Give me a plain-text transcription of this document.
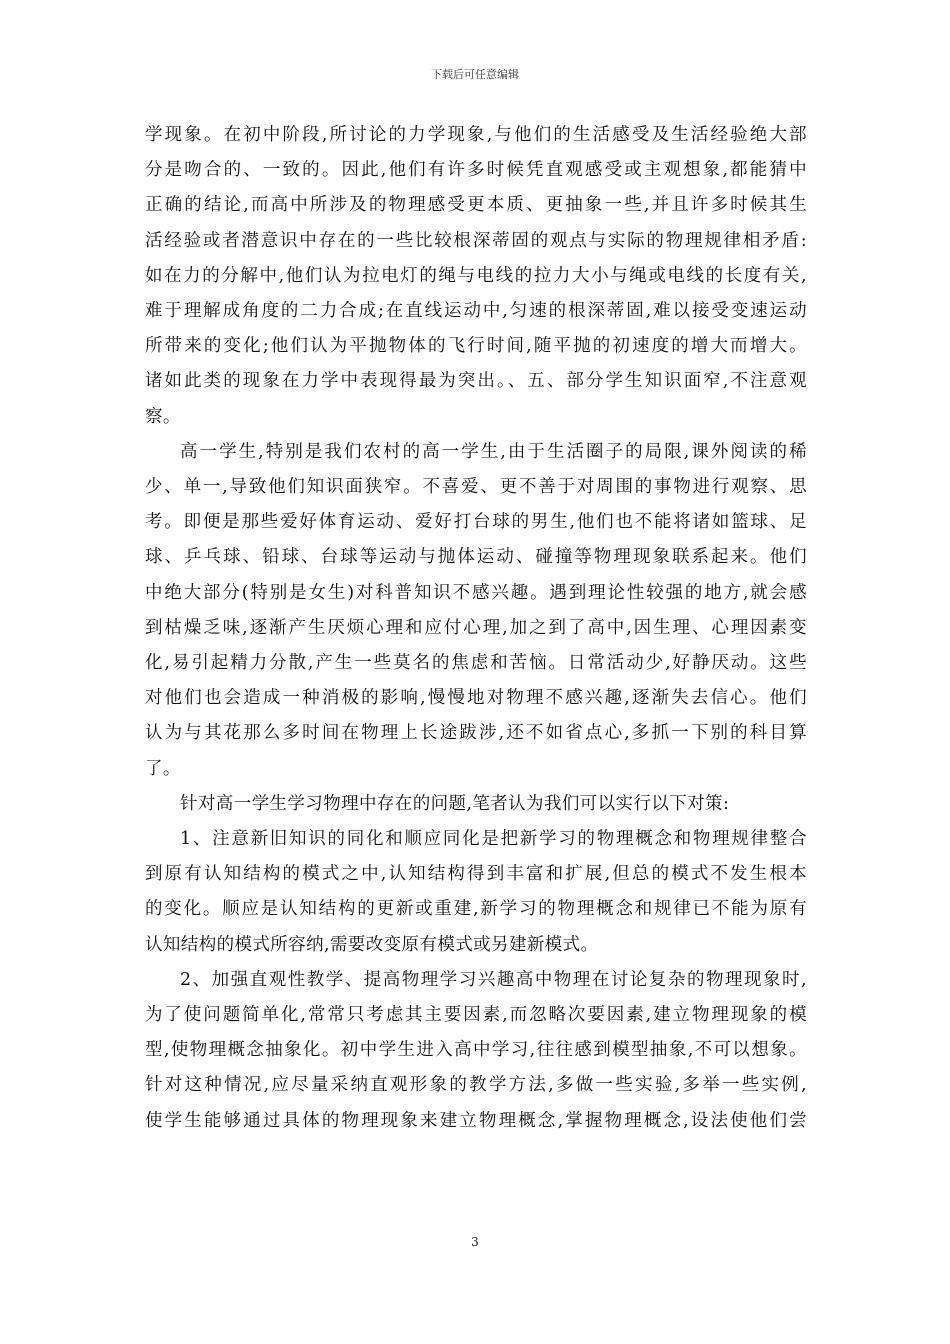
下载后可任意编辑

学现象。在初中阶段,所讨论的力学现象,与他们的生活感受及生活经验绝大部
分是吻合的、一致的。因此,他们有许多时候凭直观感受或主观想象,都能猜中
正确的结论,而高中所涉及的物理感受更本质、更抽象一些,并且许多时候其生
活经验或者潜意识中存在的一些比较根深蒂固的观点与实际的物理规律相矛盾:
如在力的分解中,他们认为拉电灯的绳与电线的拉力大小与绳或电线的长度有关,
难于理解成角度的二力合成;在直线运动中,匀速的根深蒂固,难以接受变速运动
所带来的变化;他们认为平抛物体的飞行时间,随平抛的初速度的增大而增大。
诸如此类的现象在力学中表现得最为突出。、五、部分学生知识面窄,不注意观
察。

高一学生,特别是我们农村的高一学生,由于生活圈子的局限,课外阅读的稀
少、单一,导致他们知识面狭窄。不喜爱、更不善于对周围的事物进行观察、思
考。即便是那些爱好体育运动、爱好打台球的男生,他们也不能将诸如篮球、足
球、乒乓球、铅球、台球等运动与抛体运动、碰撞等物理现象联系起来。他们
中绝大部分(特别是女生)对科普知识不感兴趣。遇到理论性较强的地方,就会感
到枯燥乏味,逐渐产生厌烦心理和应付心理,加之到了高中,因生理、心理因素变
化,易引起精力分散,产生一些莫名的焦虑和苦恼。日常活动少,好静厌动。这些
对他们也会造成一种消极的影响,慢慢地对物理不感兴趣,逐渐失去信心。他们
认为与其花那么多时间在物理上长途跋涉,还不如省点心,多抓一下别的科目算
了。

针对高一学生学习物理中存在的问题,笔者认为我们可以实行以下对策:

1、注意新旧知识的同化和顺应同化是把新学习的物理概念和物理规律整合
到原有认知结构的模式之中,认知结构得到丰富和扩展,但总的模式不发生根本
的变化。顺应是认知结构的更新或重建,新学习的物理概念和规律已不能为原有
认知结构的模式所容纳,需要改变原有模式或另建新模式。

2、加强直观性教学、提高物理学习兴趣高中物理在讨论复杂的物理现象时,
为了使问题简单化,常常只考虑其主要因素,而忽略次要因素,建立物理现象的模
型,使物理概念抽象化。初中学生进入高中学习,往往感到模型抽象,不可以想象。
针对这种情况,应尽量采纳直观形象的教学方法,多做一些实验,多举一些实例,
使学生能够通过具体的物理现象来建立物理概念,掌握物理概念,设法使他们尝

3
